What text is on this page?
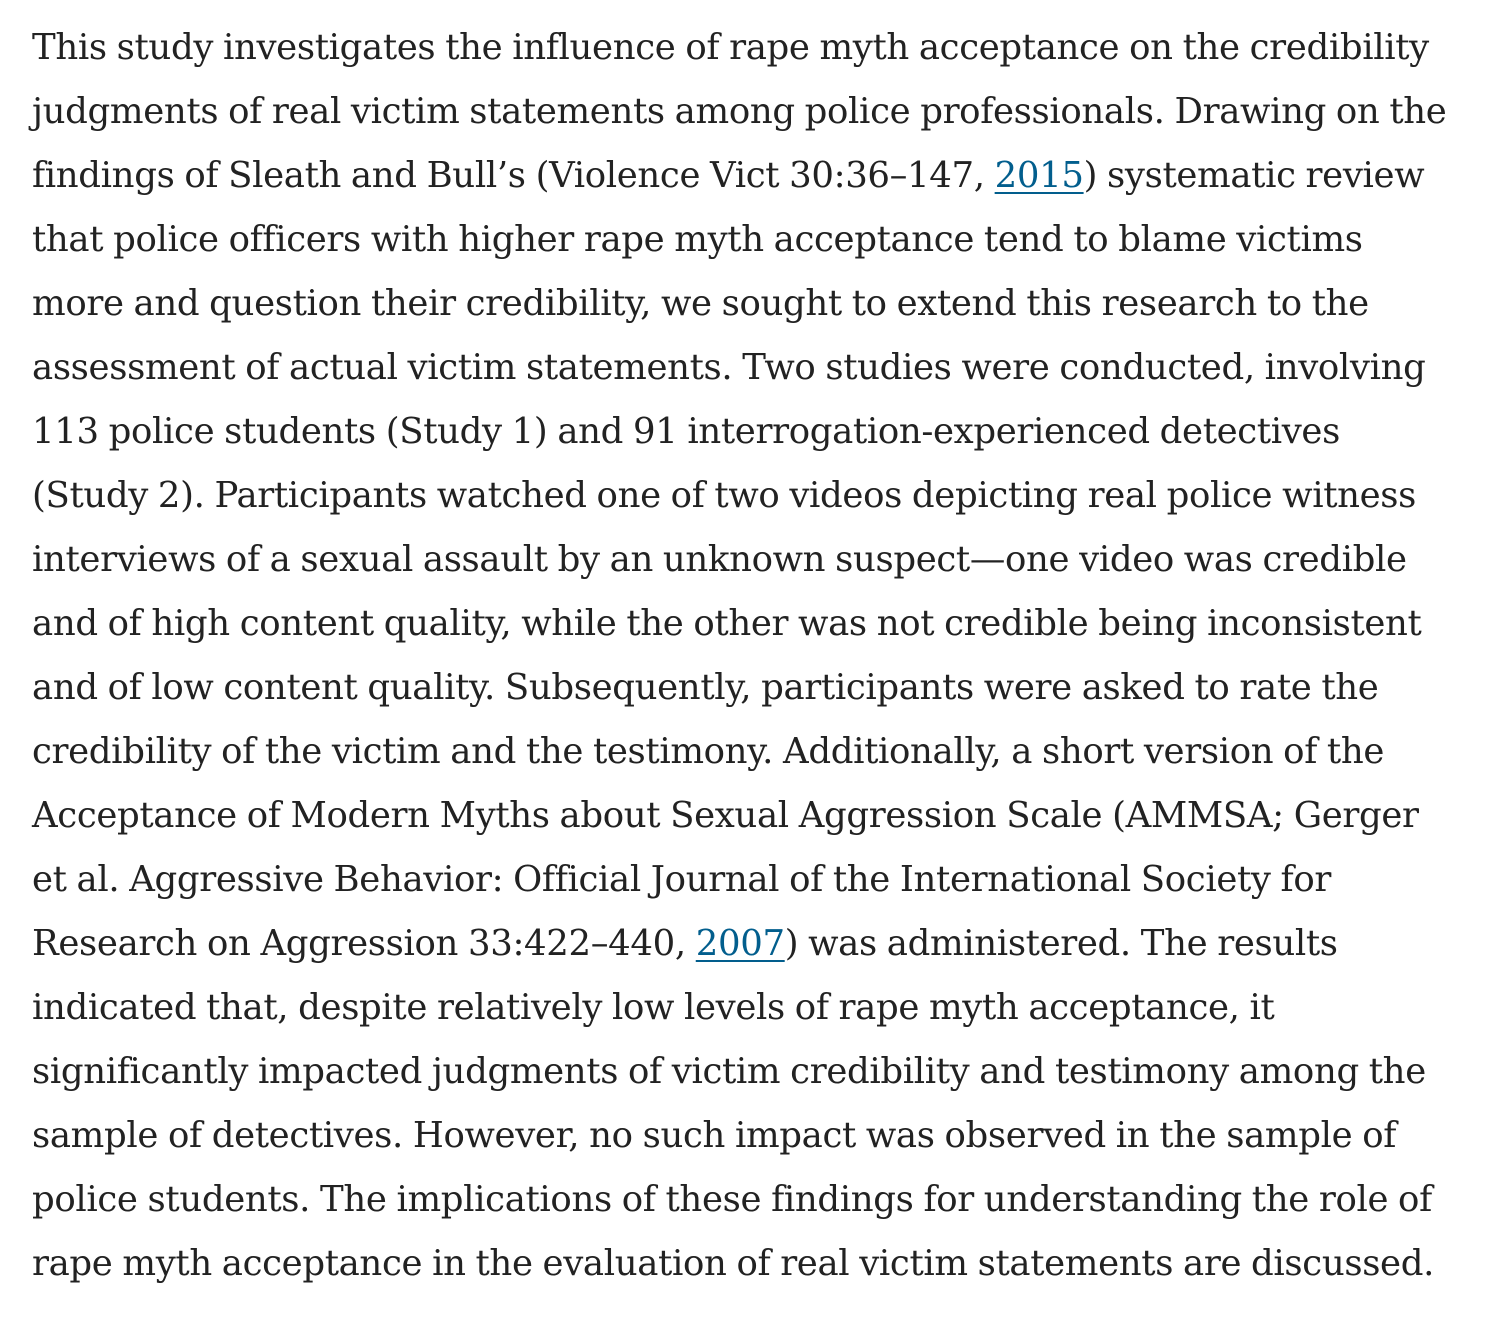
This study investigates the influence of rape myth acceptance on the credibility judgments of real victim statements among police professionals. Drawing on the findings of Sleath and Bull’s (Violence Vict 30:36–147, 2015) systematic review that police officers with higher rape myth acceptance tend to blame victims more and question their credibility, we sought to extend this research to the assessment of actual victim statements. Two studies were conducted, involving 113 police students (Study 1) and 91 interrogation-experienced detectives (Study 2). Participants watched one of two videos depicting real police witness interviews of a sexual assault by an unknown suspect—one video was credible and of high content quality, while the other was not credible being inconsistent and of low content quality. Subsequently, participants were asked to rate the credibility of the victim and the testimony. Additionally, a short version of the Acceptance of Modern Myths about Sexual Aggression Scale (AMMSA; Gerger et al. Aggressive Behavior: Official Journal of the International Society for Research on Aggression 33:422–440, 2007) was administered. The results indicated that, despite relatively low levels of rape myth acceptance, it significantly impacted judgments of victim credibility and testimony among the sample of detectives. However, no such impact was observed in the sample of police students. The implications of these findings for understanding the role of rape myth acceptance in the evaluation of real victim statements are discussed.
